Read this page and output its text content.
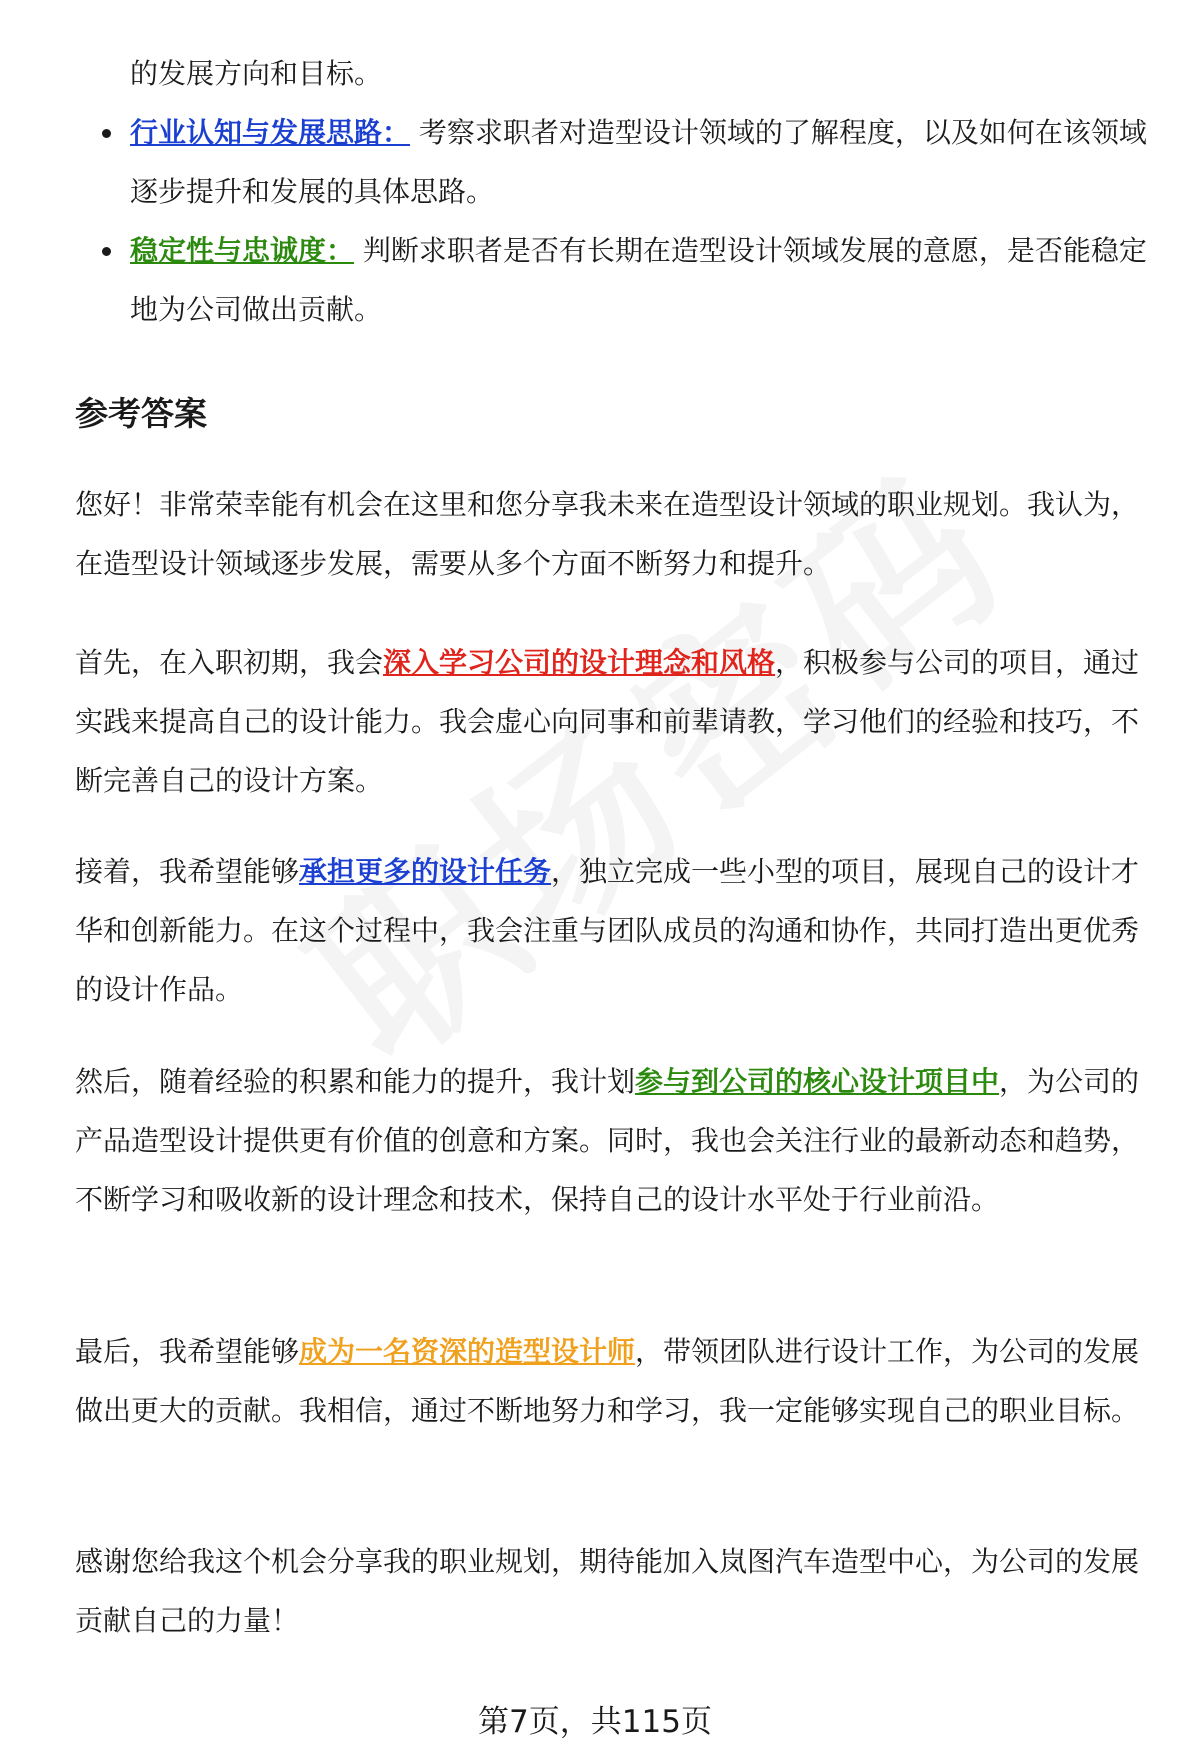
的发展方向和目标。

行业认知与发展思路： 考察求职者对造型设计领域的了解程度，以及如何在该领域逐步提升和发展的具体思路。
稳定性与忠诚度： 判断求职者是否有长期在造型设计领域发展的意愿，是否能稳定地为公司做出贡献。
参考答案

您好！非常荣幸能有机会在这里和您分享我未来在造型设计领域的职业规划。我认为，在造型设计领域逐步发展，需要从多个方面不断努力和提升。

首先，在入职初期，我会深入学习公司的设计理念和风格，积极参与公司的项目，通过实践来提高自己的设计能力。我会虚心向同事和前辈请教，学习他们的经验和技巧，不断完善自己的设计方案。

接着，我希望能够承担更多的设计任务，独立完成一些小型的项目，展现自己的设计才华和创新能力。在这个过程中，我会注重与团队成员的沟通和协作，共同打造出更优秀的设计作品。

然后，随着经验的积累和能力的提升，我计划参与到公司的核心设计项目中，为公司的产品造型设计提供更有价值的创意和方案。同时，我也会关注行业的最新动态和趋势，不断学习和吸收新的设计理念和技术，保持自己的设计水平处于行业前沿。

最后，我希望能够成为一名资深的造型设计师，带领团队进行设计工作，为公司的发展做出更大的贡献。我相信，通过不断地努力和学习，我一定能够实现自己的职业目标。

感谢您给我这个机会分享我的职业规划，期待能加入岚图汽车造型中心，为公司的发展贡献自己的力量！

第7页，共115页
